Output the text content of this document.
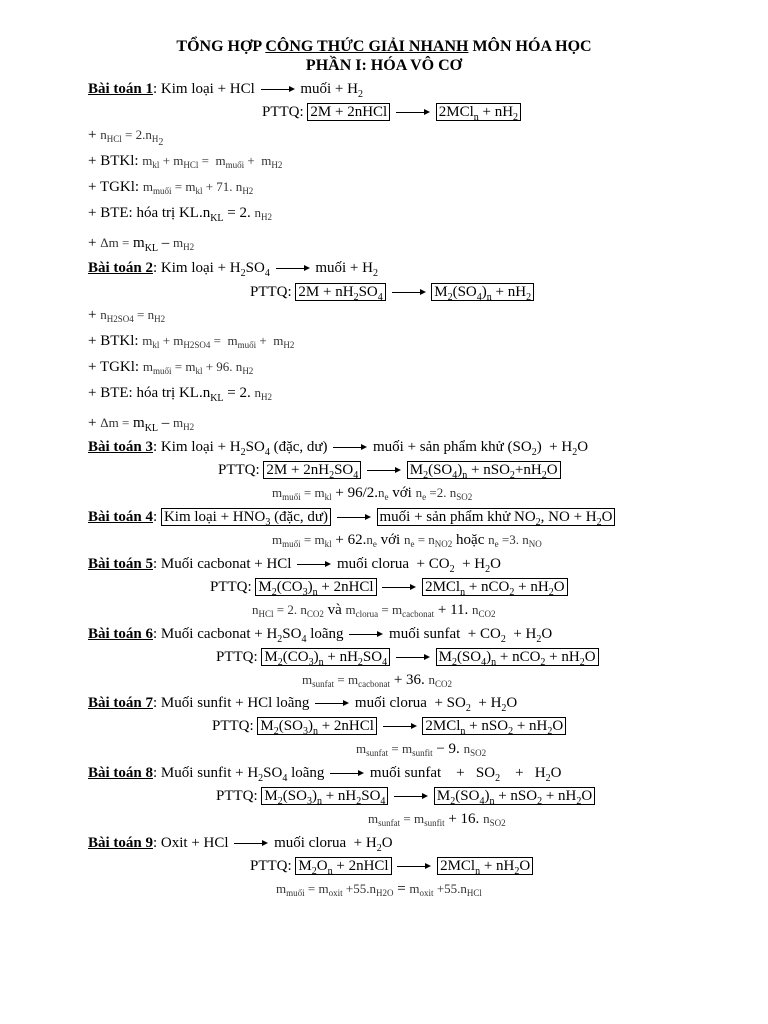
TỔNG HỢP CÔNG THỨC GIẢI NHANH MÔN HÓA HỌC
PHẦN I: HÓA VÔ CƠ
Bài toán 1: Kim loại + HCl	muối + $H_2$
PTTQ: 2M + 2nHCl	$2MCl_n + nH_2$
+ $n_{HCl} = 2.n_{H_2}$
+ BTKl: $m_{kl} + m_{HCl} = m_{muối} + m_{H2}$
+ TGKl: $m_{muối} = m_{kl} + 71$. $n_{H2}$
+ BTE: hóa trị $KL.n_{KL} = 2$. $n_{H2}$
+ $\Delta m = m_{KL} - m_{H2}$
Bài toán 2: Kim loại + $H_2SO_4$	muối + $H_2$
PTTQ: $2M + nH_2SO_4$	$M_2(SO_4)_n + nH_2$
+ $n_{H2SO4} = n_{H2}$
+ BTKl: $m_{kl} + m_{H2SO4} = m_{muối} + m_{H2}$
+ TGKl: $m_{muối} = m_{kl} + 96$. $n_{H2}$
+ BTE: hóa trị $KL.n_{KL} = 2$. $n_{H2}$
+ $\Delta m = m_{KL} - m_{H2}$
Bài toán 3: Kim loại + $H_2SO_4$ (đặc, dư)	muối + sản phẩm khử $(SO_2) + H_2O$
PTTQ: $2M + 2nH_2SO_4$	$M_2(SO_4)_n + nSO_2+nH_2O$
$m_{muối} = m_{kl} + 96/2.n_e$ với $n_e =2$. $n_{SO2}$
Bài toán 4: Kim loại + $HNO_3$ (đặc, dư)	muối + sản phẩm khử $NO_2$, NO + $H_2O$
$m_{muối} = m_{kl} + 62.n_e$ với $n_e = n_{NO2}$ hoặc $n_e =3$. $n_{NO}$
Bài toán 5: Muối cacbonat + HCl	muối clorua  + $CO_2 + H_2O$
PTTQ: $M_2(CO_3)_n$ + 2nHCl	$2MCl_n + nCO_2 + nH_2O$
$n_{HCl} = 2$. $n_{CO2}$ và $m_{clorua} = m_{cacbonat} + 11$. $n_{CO2}$
Bài toán 6: Muối cacbonat + $H_2SO_4$ loãng	muối sunfat  + $CO_2 + H_2O$
PTTQ: $M_2(CO_3)_n + nH_2SO_4$	$M_2(SO_4)_n + nCO_2 + nH_2O$
$m_{sunfat} = m_{cacbonat} + 36$. $n_{CO2}$
Bài toán 7: Muối sunfit + HCl loãng	muối clorua  + $SO_2 + H_2O$
PTTQ: $M_2(SO_3)_n$ + 2nHCl	$2MCl_n + nSO_2 + nH_2O$
$m_{sunfat} = m_{sunfit} - 9$. $n_{SO2}$
Bài toán 8: Muối sunfit + $H_2SO_4$ loãng	muối sunfat    +   $SO_2$    +   $H_2O$
PTTQ: $M_2(SO_3)_n + nH_2SO_4$	$M_2(SO_4)_n + nSO_2 + nH_2O$
$m_{sunfat} = m_{sunfit} + 16$. $n_{SO2}$
Bài toán 9: Oxit + HCl	muối clorua  + $H_2O$
PTTQ: $M_2O_n$ + 2nHCl	$2MCl_n + nH_2O$
$m_{muối} = m_{oxit} +55.n_{H2O} = m_{oxit} +55.n_{HCl}$
